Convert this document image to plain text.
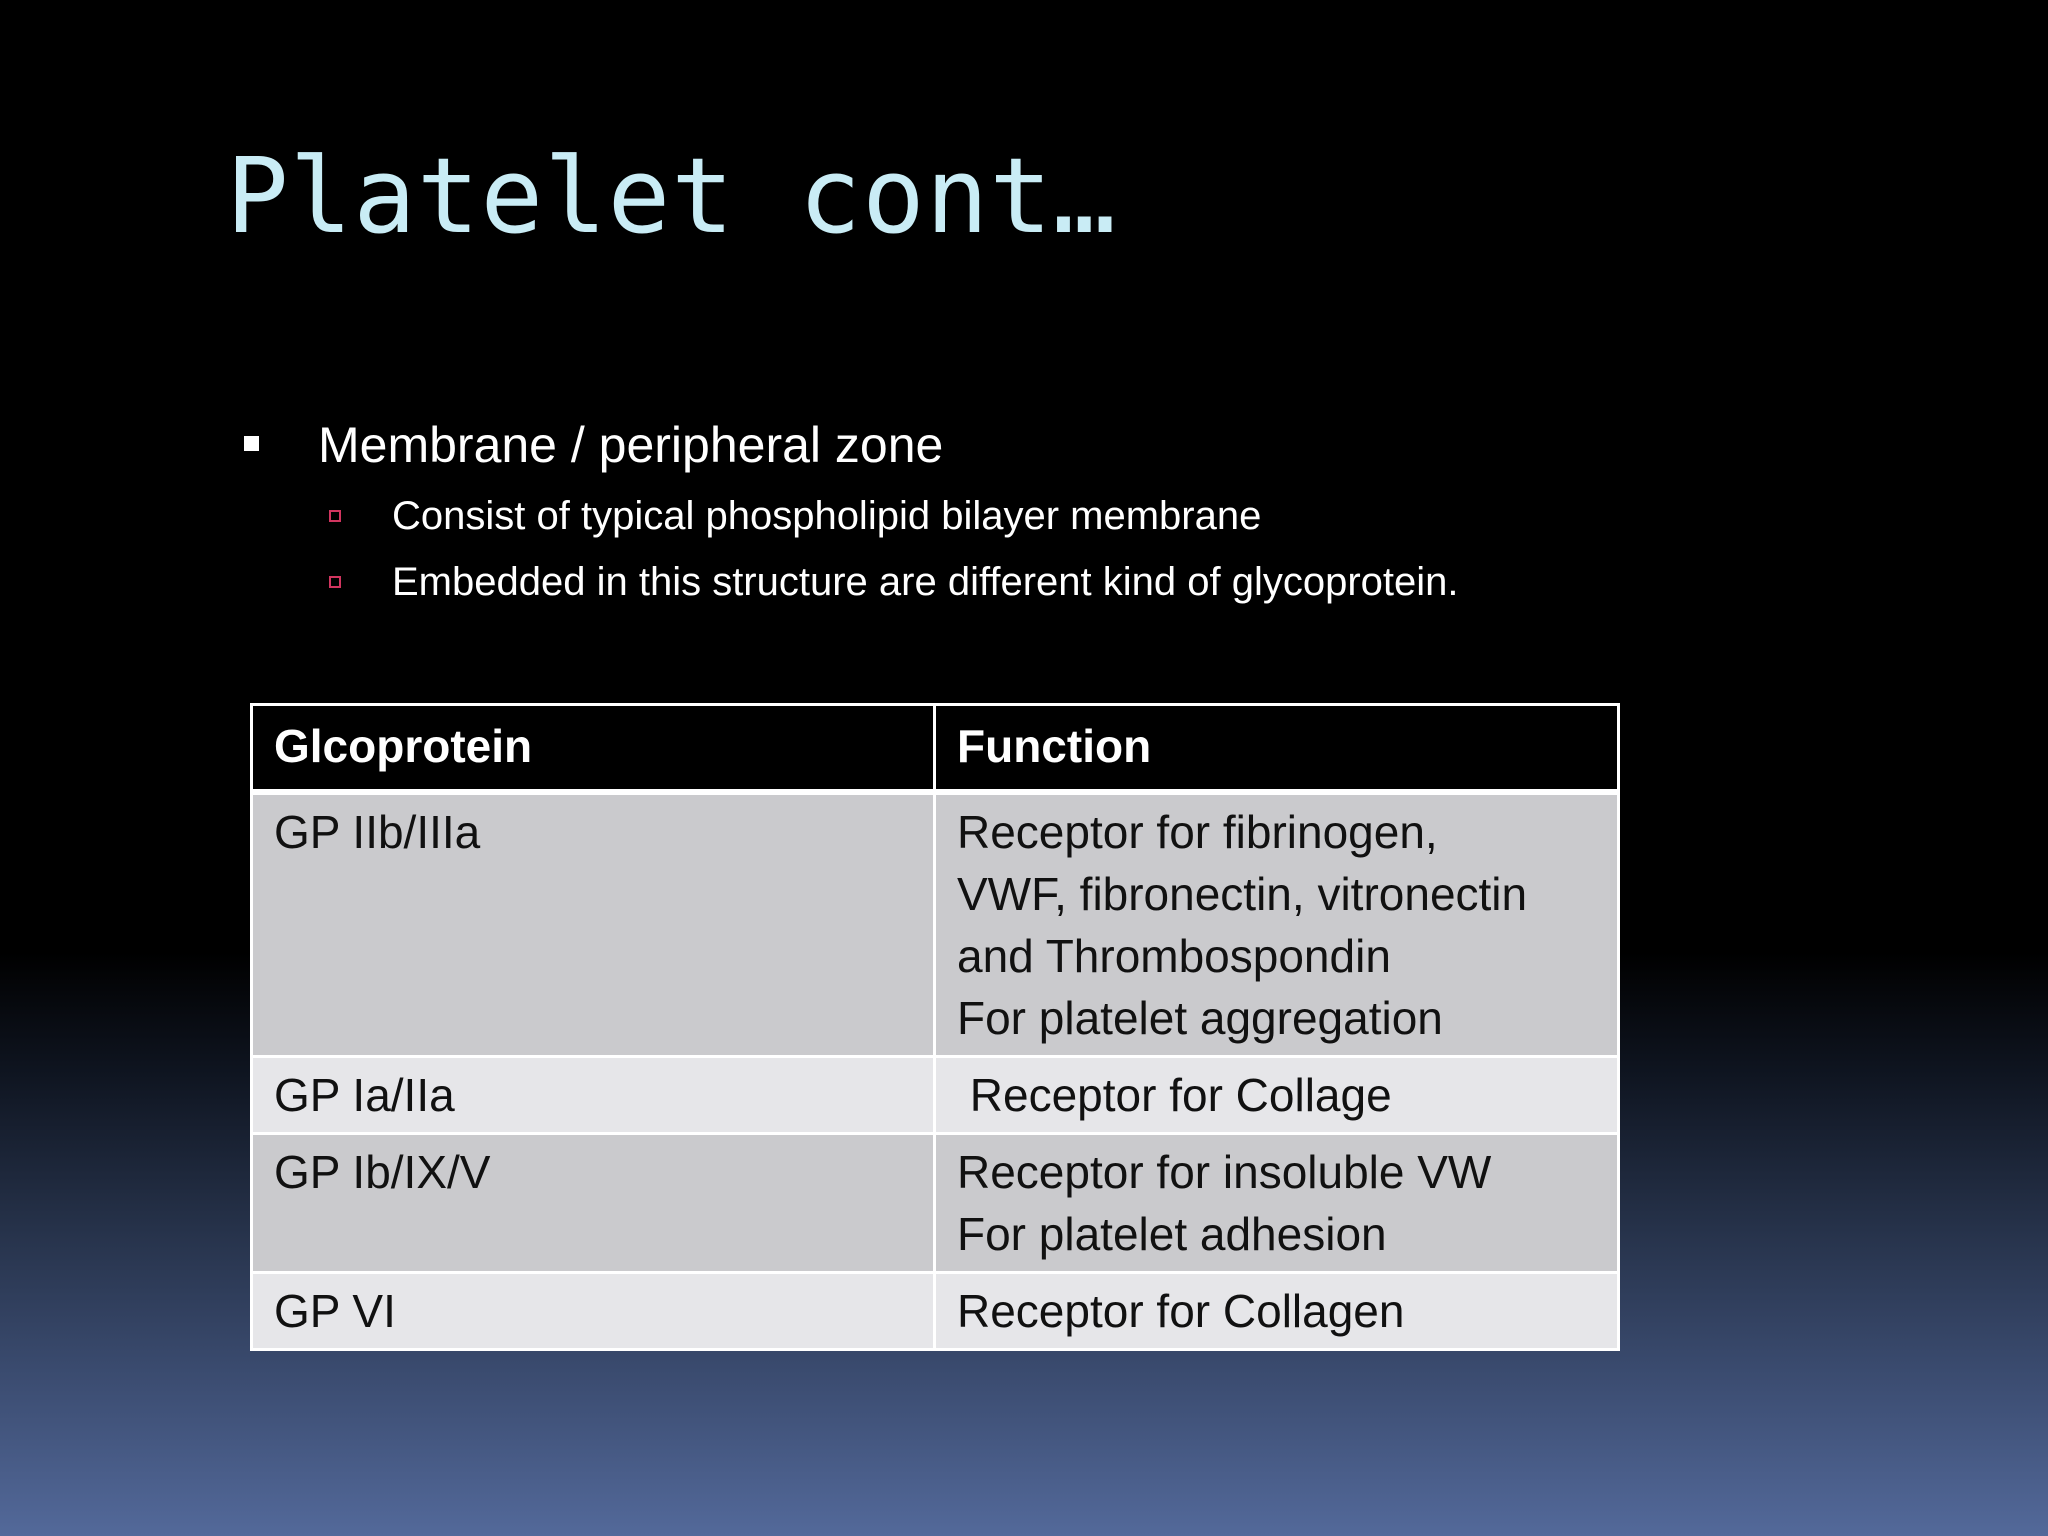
Platelet cont…
Membrane / peripheral zone
Consist of typical phospholipid bilayer membrane
Embedded in this structure are different kind of glycoprotein.
Glcoprotein	Function
GP IIb/IIIa	Receptor for fibrinogen,
VWF, fibronectin, vitronectin
and Thrombospondin
For platelet aggregation

GP Ia/IIa	Receptor for Collage

GP Ib/IX/V	Receptor for insoluble VW
For platelet adhesion

GP VI	Receptor for Collagen
